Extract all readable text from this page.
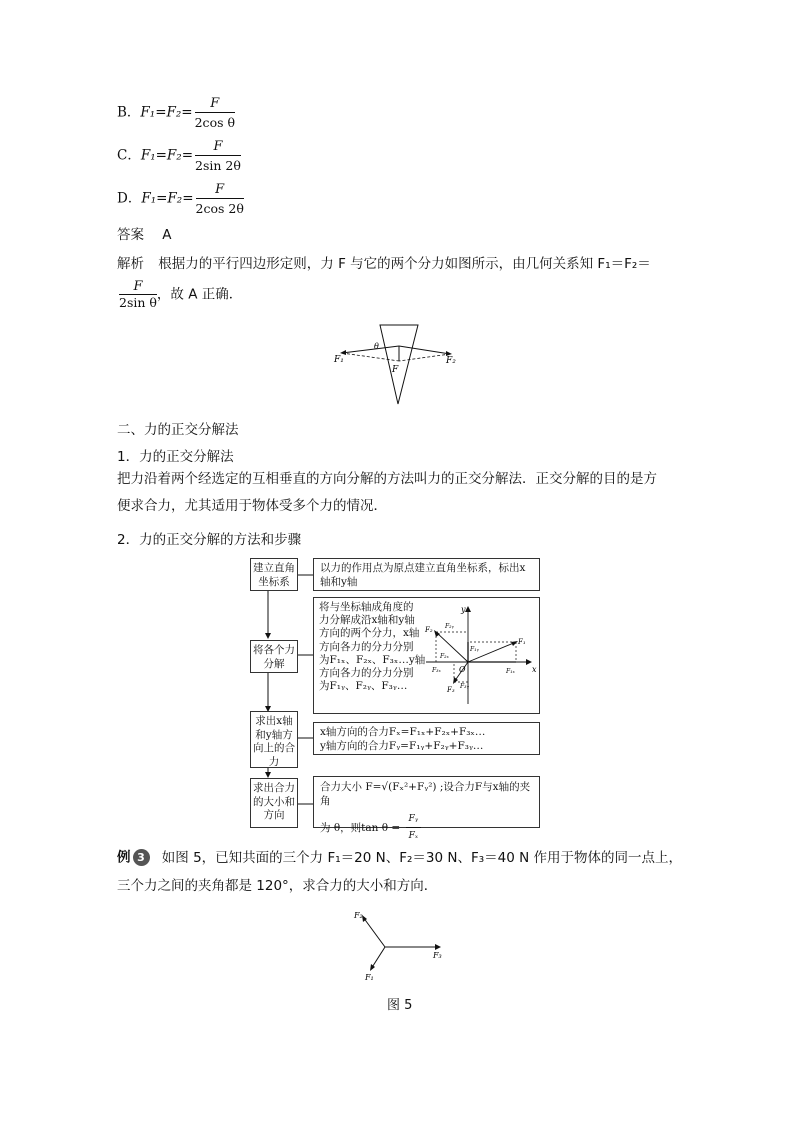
B．$F_1=F_2= \frac{F}{\text{2cos θ}}$
C．$F_1=F_2= \frac{F}{2\sin 2\theta}$
D．$F_1=F_2= \frac{F}{2\cos 2\theta}$
答案 A
解析 根据力的平行四边形定则，力 F 与它的两个分力如图所示，由几何关系知 F₁＝F₂＝
$\frac{F}{\text{2sin θ}}$ ，故 A 正确．
F₁	F₂
F
θ
二、力的正交分解法
1．力的正交分解法
把力沿着两个经选定的互相垂直的方向分解的方法叫力的正交分解法．正交分解的目的是方
便求合力，尤其适用于物体受多个力的情况．
2．力的正交分解的方法和步骤
建立直角坐标系
以力的作用点为原点建立直角坐标系，标出x轴和y轴
将各个力分解
将与坐标轴成角度的
力分解成沿x轴和y轴
方向的两个分力，x轴
方向各力的分力分别
为F₁ₓ、F₂ₓ、F₃ₓ…y轴
方向各力的分力分别
为F₁ᵧ、F₂ᵧ、F₃ᵧ…
x
y
O
F₁
F₂
F₃
F₁ₓ
F₁ᵧ
F₂ᵧ
F₂ₓ
F₃ₓ
F₃ᵧ
求出x轴和y轴方向上的合力
x轴方向的合力Fₓ=F₁ₓ+F₂ₓ+F₃ₓ…
y轴方向的合力Fᵧ=F₁ᵧ+F₂ᵧ+F₃ᵧ…
求出合力的大小和方向
合力大小 F=√(Fₓ²+Fᵧ²) ;设合力F与x轴的夹角
为 θ，则$\tan \theta = \frac{\text{Fᵧ}}{\text{Fₓ}}$
例 3 如图 5，已知共面的三个力 F₁＝20 N、F₂＝30 N、F₃＝40 N 作用于物体的同一点上，
三个力之间的夹角都是 120°，求合力的大小和方向．
F₂
F₃
F₁
图 5
